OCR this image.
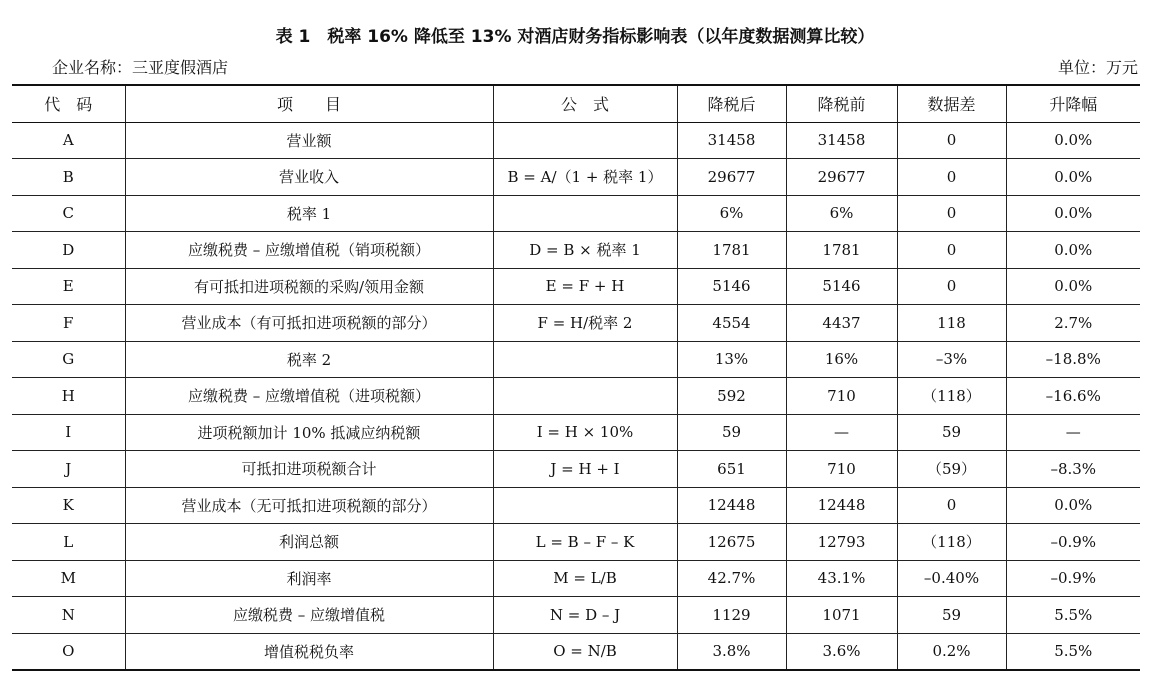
表 1　税率 16% 降低至 13% 对酒店财务指标影响表（以年度数据测算比较）
企业名称：三亚度假酒店	单位：万元
代　码	项　　目	公　式	降税后	降税前	数据差	升降幅
A	营业额		31458	31458	0	0.0%
B	营业收入	B = A/（1 + 税率 1）	29677	29677	0	0.0%
C	税率 1		6%	6%	0	0.0%
D	应缴税费 – 应缴增值税（销项税额）	D = B × 税率 1	1781	1781	0	0.0%
E	有可抵扣进项税额的采购/领用金额	E = F + H	5146	5146	0	0.0%
F	营业成本（有可抵扣进项税额的部分）	F = H/税率 2	4554	4437	118	2.7%
G	税率 2		13%	16%	–3%	–18.8%
H	应缴税费 – 应缴增值税（进项税额）		592	710	（118）	–16.6%
I	进项税额加计 10% 抵减应纳税额	I = H × 10%	59	—	59	—
J	可抵扣进项税额合计	J = H + I	651	710	（59）	–8.3%
K	营业成本（无可抵扣进项税额的部分）		12448	12448	0	0.0%
L	利润总额	L = B – F – K	12675	12793	（118）	–0.9%
M	利润率	M = L/B	42.7%	43.1%	–0.40%	–0.9%
N	应缴税费 – 应缴增值税	N = D – J	1129	1071	59	5.5%
O	增值税税负率	O = N/B	3.8%	3.6%	0.2%	5.5%
